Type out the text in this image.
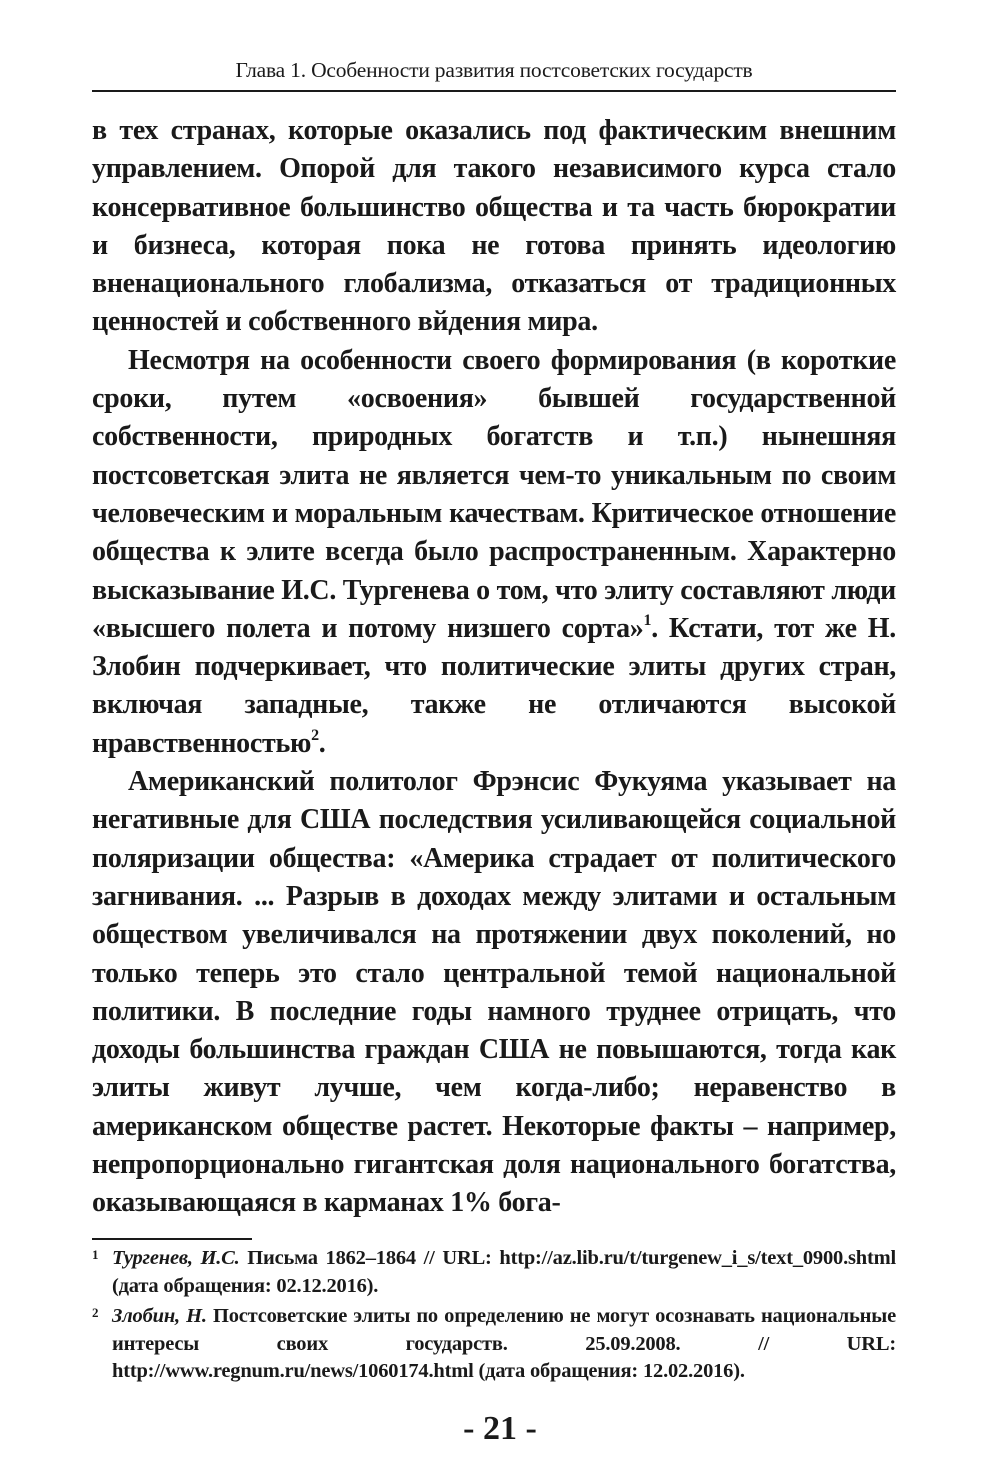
Глава 1. Особенности развития постсоветских государств

в тех странах, которые оказались под фактическим внешним управлением. Опорой для такого независимого курса стало консервативное большинство общества и та часть бюрократии и бизнеса, которая пока не готова принять идеологию вненационального глобализма, отказаться от традиционных ценностей и собственного вйдения мира.

Несмотря на особенности своего формирования (в короткие сроки, путем «освоения» бывшей государственной собственности, природных богатств и т.п.) нынешняя постсоветская элита не является чем-то уникальным по своим человеческим и моральным качествам. Критическое отношение общества к элите всегда было распространенным. Характерно высказывание И.С. Тургенева о том, что элиту составляют люди «высшего полета и потому низшего сорта»$^1$. Кстати, тот же Н. Злобин подчеркивает, что политические элиты других стран, включая западные, также не отличаются высокой нравственностью$^2$.

Американский политолог Фрэнсис Фукуяма указывает на негативные для США последствия усиливающейся социальной поляризации общества: «Америка страдает от политического загнивания. ... Разрыв в доходах между элитами и остальным обществом увеличивался на протяжении двух поколений, но только теперь это стало центральной темой национальной политики. В последние годы намного труднее отрицать, что доходы большинства граждан США не повышаются, тогда как элиты живут лучше, чем когда-либо; неравенство в американском обществе растет. Некоторые факты – например, непропорционально гигантская доля национального богатства, оказывающаяся в карманах 1% бога-

1 Тургенев, И.С. Письма 1862–1864 // URL: http://az.lib.ru/t/turgenew_i_s/text_0900.shtml (дата обращения: 02.12.2016).

2 Злобин, Н. Постсоветские элиты по определению не могут осознавать национальные интересы своих государств. 25.09.2008. // URL: http://www.regnum.ru/news/1060174.html (дата обращения: 12.02.2016).

- 21 -
